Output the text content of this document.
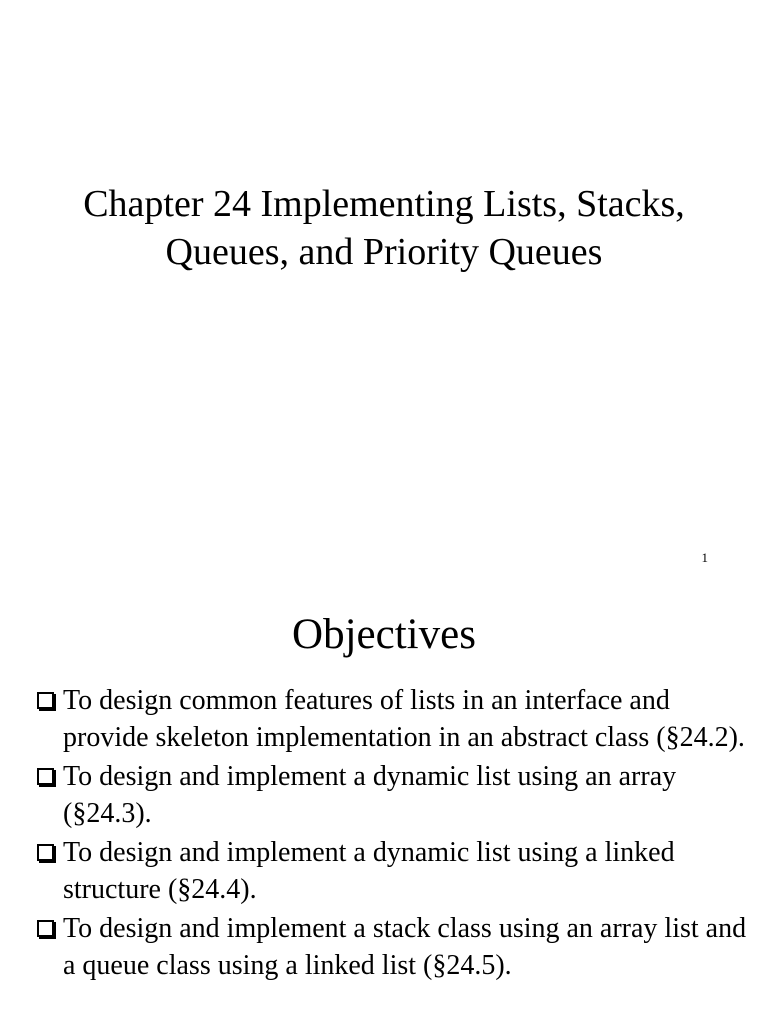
Chapter 24 Implementing Lists, Stacks,
Queues, and Priority Queues
1
Objectives
To design common features of lists in an interface and provide skeleton implementation in an abstract class (§24.2).
To design and implement a dynamic list using an array (§24.3).
To design and implement a dynamic list using a linked structure (§24.4).
To design and implement a stack class using an array list and a queue class using a linked list (§24.5).
